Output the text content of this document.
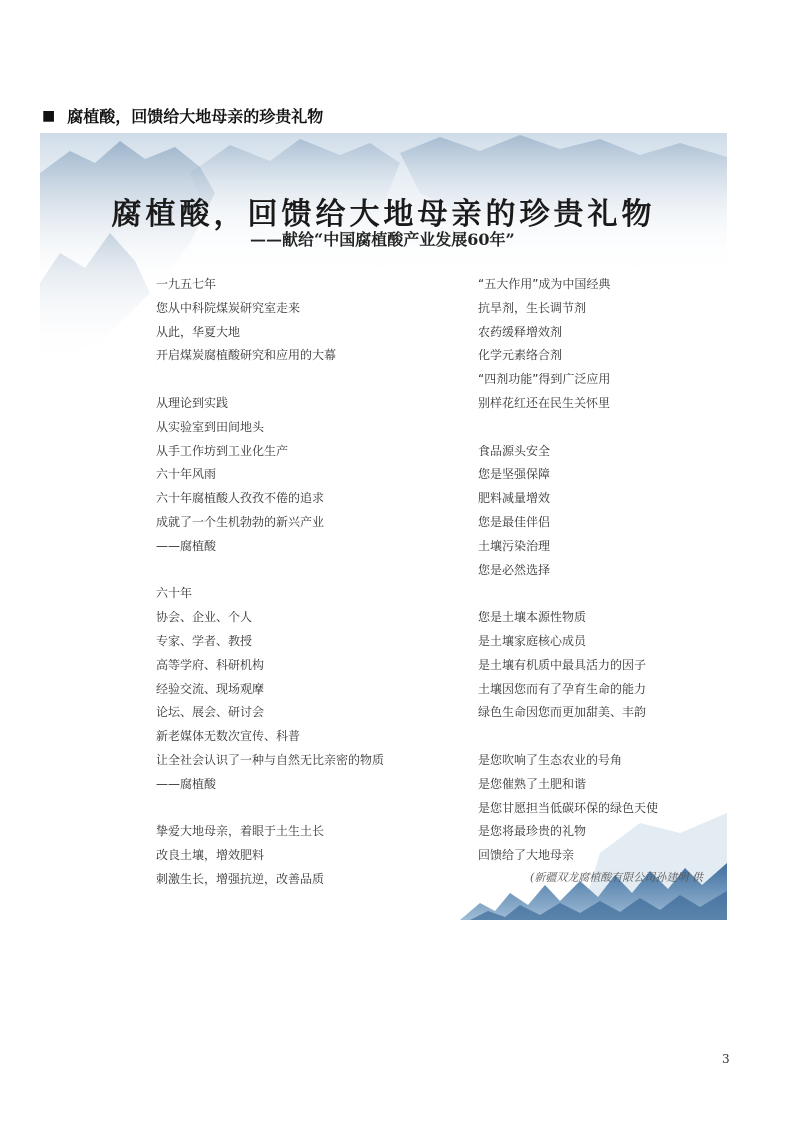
■ 腐植酸，回馈给大地母亲的珍贵礼物
腐植酸，回馈给大地母亲的珍贵礼物
——献给“中国腐植酸产业发展60年”
一九五七年
您从中科院煤炭研究室走来
从此，华夏大地
开启煤炭腐植酸研究和应用的大幕
从理论到实践
从实验室到田间地头
从手工作坊到工业化生产
六十年风雨
六十年腐植酸人孜孜不倦的追求
成就了一个生机勃勃的新兴产业
——腐植酸
六十年
协会、企业、个人
专家、学者、教授
高等学府、科研机构
经验交流、现场观摩
论坛、展会、研讨会
新老媒体无数次宣传、科普
让全社会认识了一种与自然无比亲密的物质
——腐植酸
挚爱大地母亲，着眼于土生土长
改良土壤，增效肥料
刺激生长，增强抗逆，改善品质
“五大作用”成为中国经典
抗旱剂，生长调节剂
农药缓释增效剂
化学元素络合剂
“四剂功能”得到广泛应用
别样花红还在民生关怀里
食品源头安全
您是坚强保障
肥料减量增效
您是最佳伴侣
土壤污染治理
您是必然选择
您是土壤本源性物质
是土壤家庭核心成员
是土壤有机质中最具活力的因子
土壤因您而有了孕育生命的能力
绿色生命因您而更加甜美、丰韵
是您吹响了生态农业的号角
是您催熟了土肥和谐
是您甘愿担当低碳环保的绿色天使
是您将最珍贵的礼物
回馈给了大地母亲
(新疆双龙腐植酸有限公司孙建明 供
3
